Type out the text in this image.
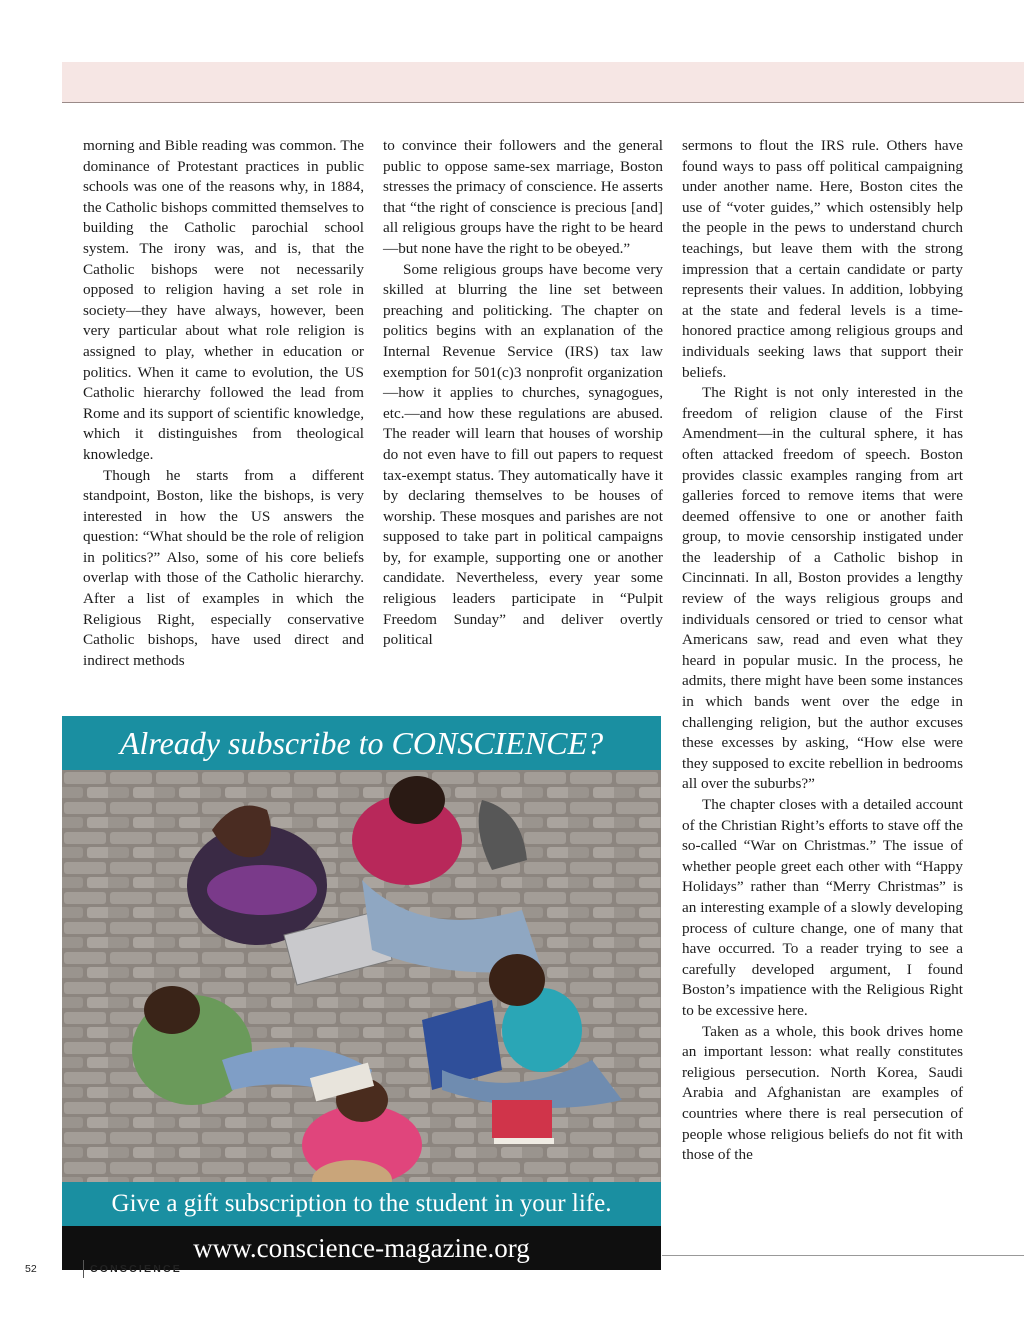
morning and Bible reading was common. The dominance of Protestant practices in public schools was one of the reasons why, in 1884, the Catholic bishops committed themselves to building the Catholic parochial school system. The irony was, and is, that the Catholic bishops were not necessarily opposed to religion having a set role in society—they have always, however, been very particular about what role religion is assigned to play, whether in education or politics. When it came to evolution, the US Catholic hierarchy followed the lead from Rome and its support of scientific knowledge, which it distinguishes from theological knowledge.

Though he starts from a different standpoint, Boston, like the bishops, is very interested in how the US answers the question: “What should be the role of religion in politics?” Also, some of his core beliefs overlap with those of the Catholic hierarchy. After a list of examples in which the Religious Right, especially conservative Catholic bishops, have used direct and indirect methods

to convince their followers and the general public to oppose same-sex marriage, Boston stresses the primacy of conscience. He asserts that “the right of conscience is precious [and] all religious groups have the right to be heard—but none have the right to be obeyed.”

Some religious groups have become very skilled at blurring the line set between preaching and politicking. The chapter on politics begins with an explanation of the Internal Revenue Service (IRS) tax law exemption for 501(c)3 nonprofit organization—how it applies to churches, synagogues, etc.—and how these regulations are abused. The reader will learn that houses of worship do not even have to fill out papers to request tax-exempt status. They automatically have it by declaring themselves to be houses of worship. These mosques and parishes are not supposed to take part in political campaigns by, for example, supporting one or another candidate. Nevertheless, every year some religious leaders participate in “Pulpit Freedom Sunday” and deliver overtly political

sermons to flout the IRS rule. Others have found ways to pass off political campaigning under another name. Here, Boston cites the use of “voter guides,” which ostensibly help the people in the pews to understand church teachings, but leave them with the strong impression that a certain candidate or party represents their values. In addition, lobbying at the state and federal levels is a time-honored practice among religious groups and individuals seeking laws that support their beliefs.

The Right is not only interested in the freedom of religion clause of the First Amendment—in the cultural sphere, it has often attacked freedom of speech. Boston provides classic examples ranging from art galleries forced to remove items that were deemed offensive to one or another faith group, to movie censorship instigated under the leadership of a Catholic bishop in Cincinnati. In all, Boston provides a lengthy review of the ways religious groups and individuals censored or tried to censor what Americans saw, read and even what they heard in popular music. In the process, he admits, there might have been some instances in which bands went over the edge in challenging religion, but the author excuses these excesses by asking, “How else were they supposed to excite rebellion in bedrooms all over the suburbs?”

The chapter closes with a detailed account of the Christian Right’s efforts to stave off the so-called “War on Christmas.” The issue of whether people greet each other with “Happy Holidays” rather than “Merry Christmas” is an interesting example of a slowly developing process of culture change, one of many that have occurred. To a reader trying to see a carefully developed argument, I found Boston’s impatience with the Religious Right to be excessive here.

Taken as a whole, this book drives home an important lesson: what really constitutes religious persecution. North Korea, Saudi Arabia and Afghanistan are examples of countries where there is real persecution of people whose religious beliefs do not fit with those of the

Already subscribe to CONSCIENCE?
Give a gift subscription to the student in your life.
www.conscience-magazine.org
52	CONSCIENCE
